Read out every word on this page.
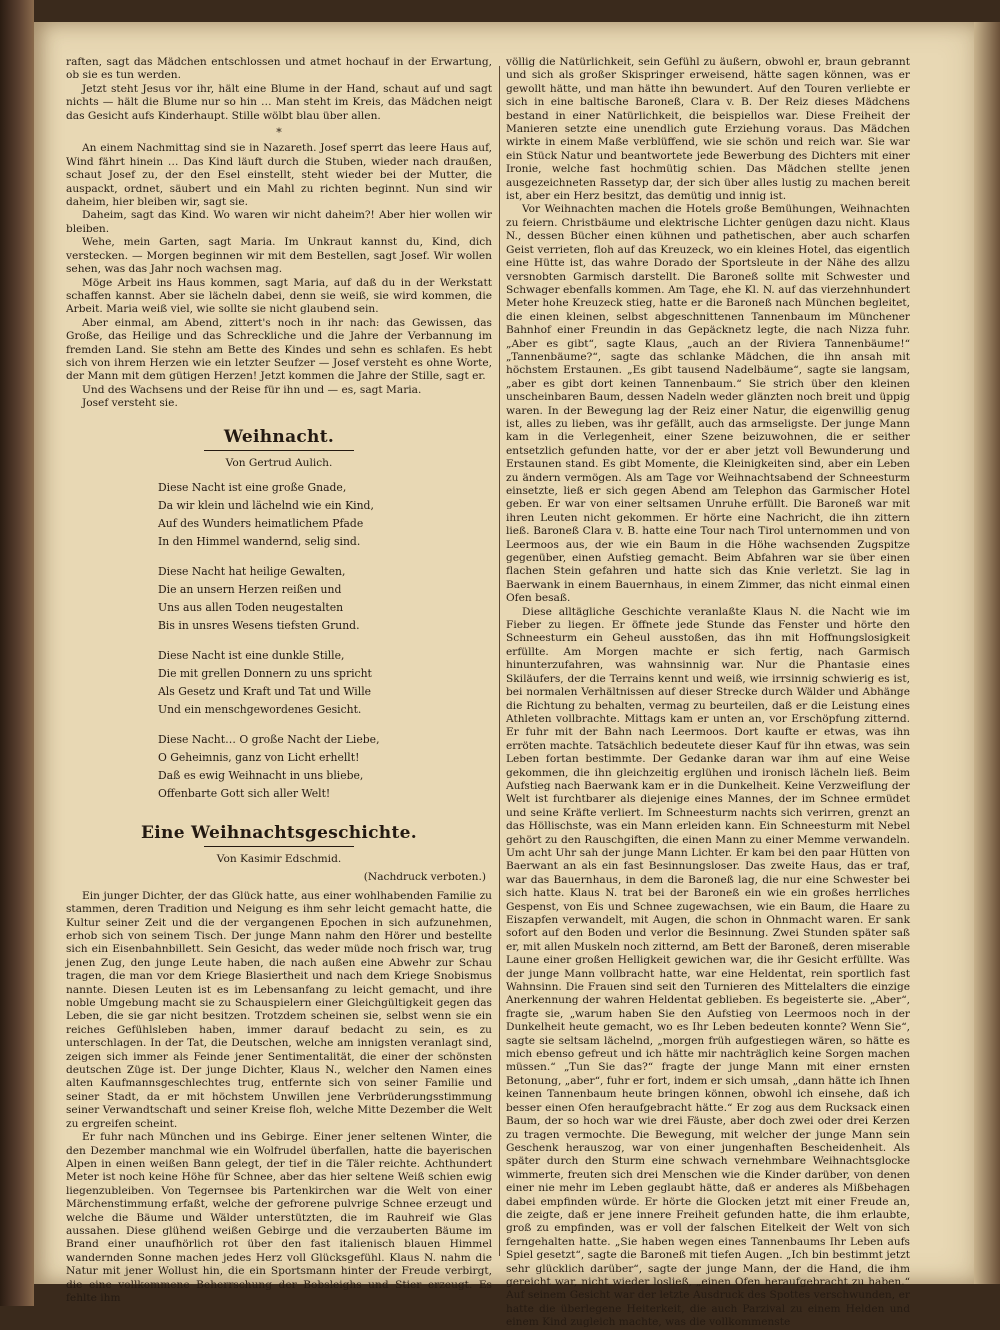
raften, sagt das Mädchen entschlossen und atmet hochauf in der Erwartung, ob sie es tun werden.

Jetzt steht Jesus vor ihr, hält eine Blume in der Hand, schaut auf und sagt nichts — hält die Blume nur so hin … Man steht im Kreis, das Mädchen neigt das Gesicht aufs Kinderhaupt. Stille wölbt blau über allen.

*

An einem Nachmittag sind sie in Nazareth. Josef sperrt das leere Haus auf, Wind fährt hinein … Das Kind läuft durch die Stuben, wieder nach draußen, schaut Josef zu, der den Esel einstellt, steht wieder bei der Mutter, die auspackt, ordnet, säubert und ein Mahl zu richten beginnt. Nun sind wir daheim, hier bleiben wir, sagt sie.

Daheim, sagt das Kind. Wo waren wir nicht daheim?! Aber hier wollen wir bleiben.

Wehe, mein Garten, sagt Maria. Im Unkraut kannst du, Kind, dich verstecken. — Morgen beginnen wir mit dem Bestellen, sagt Josef. Wir wollen sehen, was das Jahr noch wachsen mag.

Möge Arbeit ins Haus kommen, sagt Maria, auf daß du in der Werkstatt schaffen kannst. Aber sie lächeln dabei, denn sie weiß, sie wird kommen, die Arbeit. Maria weiß viel, wie sollte sie nicht glaubend sein.

Aber einmal, am Abend, zittert's noch in ihr nach: das Gewissen, das Große, das Heilige und das Schreckliche und die Jahre der Verbannung im fremden Land. Sie stehn am Bette des Kindes und sehn es schlafen. Es hebt sich von ihrem Herzen wie ein letzter Seufzer — Josef versteht es ohne Worte, der Mann mit dem gütigen Herzen! Jetzt kommen die Jahre der Stille, sagt er.

Und des Wachsens und der Reise für ihn und — es, sagt Maria.

Josef versteht sie.

Weihnacht.
Von Gertrud Aulich.
Diese Nacht ist eine große Gnade,
Da wir klein und lächelnd wie ein Kind,
Auf des Wunders heimatlichem Pfade
In den Himmel wandernd, selig sind.
Diese Nacht hat heilige Gewalten,
Die an unsern Herzen reißen und
Uns aus allen Toden neugestalten
Bis in unsres Wesens tiefsten Grund.
Diese Nacht ist eine dunkle Stille,
Die mit grellen Donnern zu uns spricht
Als Gesetz und Kraft und Tat und Wille
Und ein menschgewordenes Gesicht.
Diese Nacht… O große Nacht der Liebe,
O Geheimnis, ganz von Licht erhellt!
Daß es ewig Weihnacht in uns bliebe,
Offenbarte Gott sich aller Welt!
Eine Weihnachtsgeschichte.
Von Kasimir Edschmid.
(Nachdruck verboten.)

Ein junger Dichter, der das Glück hatte, aus einer wohlhabenden Familie zu stammen, deren Tradition und Neigung es ihm sehr leicht gemacht hatte, die Kultur seiner Zeit und die der vergangenen Epochen in sich aufzunehmen, erhob sich von seinem Tisch. Der junge Mann nahm den Hörer und bestellte sich ein Eisenbahnbillett. Sein Gesicht, das weder müde noch frisch war, trug jenen Zug, den junge Leute haben, die nach außen eine Abwehr zur Schau tragen, die man vor dem Kriege Blasiertheit und nach dem Kriege Snobismus nannte. Diesen Leuten ist es im Lebensanfang zu leicht gemacht, und ihre noble Umgebung macht sie zu Schauspielern einer Gleichgültigkeit gegen das Leben, die sie gar nicht besitzen. Trotzdem scheinen sie, selbst wenn sie ein reiches Gefühlsleben haben, immer darauf bedacht zu sein, es zu unterschlagen. In der Tat, die Deutschen, welche am innigsten veranlagt sind, zeigen sich immer als Feinde jener Sentimentalität, die einer der schönsten deutschen Züge ist. Der junge Dichter, Klaus N., welcher den Namen eines alten Kaufmannsgeschlechtes trug, entfernte sich von seiner Familie und seiner Stadt, da er mit höchstem Unwillen jene Verbrüderungsstimmung seiner Verwandtschaft und seiner Kreise floh, welche Mitte Dezember die Welt zu ergreifen scheint.

Er fuhr nach München und ins Gebirge. Einer jener seltenen Winter, die den Dezember manchmal wie ein Wolfrudel überfallen, hatte die bayerischen Alpen in einen weißen Bann gelegt, der tief in die Täler reichte. Achthundert Meter ist noch keine Höhe für Schnee, aber das hier seltene Weiß schien ewig liegenzubleiben. Von Tegernsee bis Partenkirchen war die Welt von einer Märchenstimmung erfaßt, welche der gefrorene pulvrige Schnee erzeugt und welche die Bäume und Wälder unterstützten, die im Rauhreif wie Glas aussahen. Diese glühend weißen Gebirge und die verzauberten Bäume im Brand einer unaufhörlich rot über den fast italienisch blauen Himmel wandernden Sonne machen jedes Herz voll Glücksgefühl. Klaus N. nahm die Natur mit jener Wollust hin, die ein Sportsmann hinter der Freude verbirgt, die eine vollkommene Beherrschung der Bobsleighs und Stier erzeugt. Es fehlte ihm

völlig die Natürlichkeit, sein Gefühl zu äußern, obwohl er, braun gebrannt und sich als großer Skispringer erweisend, hätte sagen können, was er gewollt hätte, und man hätte ihn bewundert. Auf den Touren verliebte er sich in eine baltische Baroneß, Clara v. B. Der Reiz dieses Mädchens bestand in einer Natürlichkeit, die beispiellos war. Diese Freiheit der Manieren setzte eine unendlich gute Erziehung voraus. Das Mädchen wirkte in einem Maße verblüffend, wie sie schön und reich war. Sie war ein Stück Natur und beantwortete jede Bewerbung des Dichters mit einer Ironie, welche fast hochmütig schien. Das Mädchen stellte jenen ausgezeichneten Rassetyp dar, der sich über alles lustig zu machen bereit ist, aber ein Herz besitzt, das demütig und innig ist.

Vor Weihnachten machen die Hotels große Bemühungen, Weihnachten zu feiern. Christbäume und elektrische Lichter genügen dazu nicht. Klaus N., dessen Bücher einen kühnen und pathetischen, aber auch scharfen Geist verrieten, floh auf das Kreuzeck, wo ein kleines Hotel, das eigentlich eine Hütte ist, das wahre Dorado der Sportsleute in der Nähe des allzu versnobten Garmisch darstellt. Die Baroneß sollte mit Schwester und Schwager ebenfalls kommen. Am Tage, ehe Kl. N. auf das vierzehnhundert Meter hohe Kreuzeck stieg, hatte er die Baroneß nach München begleitet, die einen kleinen, selbst abgeschnittenen Tannenbaum im Münchener Bahnhof einer Freundin in das Gepäcknetz legte, die nach Nizza fuhr. „Aber es gibt“, sagte Klaus, „auch an der Riviera Tannenbäume!“ „Tannenbäume?“, sagte das schlanke Mädchen, die ihn ansah mit höchstem Erstaunen. „Es gibt tausend Nadelbäume“, sagte sie langsam, „aber es gibt dort keinen Tannenbaum.“ Sie strich über den kleinen unscheinbaren Baum, dessen Nadeln weder glänzten noch breit und üppig waren. In der Bewegung lag der Reiz einer Natur, die eigenwillig genug ist, alles zu lieben, was ihr gefällt, auch das armseligste. Der junge Mann kam in die Verlegenheit, einer Szene beizuwohnen, die er seither entsetzlich gefunden hatte, vor der er aber jetzt voll Bewunderung und Erstaunen stand. Es gibt Momente, die Kleinigkeiten sind, aber ein Leben zu ändern vermögen. Als am Tage vor Weihnachtsabend der Schneesturm einsetzte, ließ er sich gegen Abend am Telephon das Garmischer Hotel geben. Er war von einer seltsamen Unruhe erfüllt. Die Baroneß war mit ihren Leuten nicht gekommen. Er hörte eine Nachricht, die ihn zittern ließ. Baroneß Clara v. B. hatte eine Tour nach Tirol unternommen und von Leermoos aus, der wie ein Baum in die Höhe wachsenden Zugspitze gegenüber, einen Aufstieg gemacht. Beim Abfahren war sie über einen flachen Stein gefahren und hatte sich das Knie verletzt. Sie lag in Baerwank in einem Bauernhaus, in einem Zimmer, das nicht einmal einen Ofen besaß.

Diese alltägliche Geschichte veranlaßte Klaus N. die Nacht wie im Fieber zu liegen. Er öffnete jede Stunde das Fenster und hörte den Schneesturm ein Geheul ausstoßen, das ihn mit Hoffnungslosigkeit erfüllte. Am Morgen machte er sich fertig, nach Garmisch hinunterzufahren, was wahnsinnig war. Nur die Phantasie eines Skiläufers, der die Terrains kennt und weiß, wie irrsinnig schwierig es ist, bei normalen Verhältnissen auf dieser Strecke durch Wälder und Abhänge die Richtung zu behalten, vermag zu beurteilen, daß er die Leistung eines Athleten vollbrachte. Mittags kam er unten an, vor Erschöpfung zitternd. Er fuhr mit der Bahn nach Leermoos. Dort kaufte er etwas, was ihn erröten machte. Tatsächlich bedeutete dieser Kauf für ihn etwas, was sein Leben fortan bestimmte. Der Gedanke daran war ihm auf eine Weise gekommen, die ihn gleichzeitig erglühen und ironisch lächeln ließ. Beim Aufstieg nach Baerwank kam er in die Dunkelheit. Keine Verzweiflung der Welt ist furchtbarer als diejenige eines Mannes, der im Schnee ermüdet und seine Kräfte verliert. Im Schneesturm nachts sich verirren, grenzt an das Höllischste, was ein Mann erleiden kann. Ein Schneesturm mit Nebel gehört zu den Rauschgiften, die einen Mann zu einer Memme verwandeln. Um acht Uhr sah der junge Mann Lichter. Er kam bei den paar Hütten von Baerwant an als ein fast Besinnungsloser. Das zweite Haus, das er traf, war das Bauernhaus, in dem die Baroneß lag, die nur eine Schwester bei sich hatte. Klaus N. trat bei der Baroneß ein wie ein großes herrliches Gespenst, von Eis und Schnee zugewachsen, wie ein Baum, die Haare zu Eiszapfen verwandelt, mit Augen, die schon in Ohnmacht waren. Er sank sofort auf den Boden und verlor die Besinnung. Zwei Stunden später saß er, mit allen Muskeln noch zitternd, am Bett der Baroneß, deren miserable Laune einer großen Helligkeit gewichen war, die ihr Gesicht erfüllte. Was der junge Mann vollbracht hatte, war eine Heldentat, rein sportlich fast Wahnsinn. Die Frauen sind seit den Turnieren des Mittelalters die einzige Anerkennung der wahren Heldentat geblieben. Es begeisterte sie. „Aber“, fragte sie, „warum haben Sie den Aufstieg von Leermoos noch in der Dunkelheit heute gemacht, wo es Ihr Leben bedeuten konnte? Wenn Sie“, sagte sie seltsam lächelnd, „morgen früh aufgestiegen wären, so hätte es mich ebenso gefreut und ich hätte mir nachträglich keine Sorgen machen müssen.“ „Tun Sie das?“ fragte der junge Mann mit einer ernsten Betonung, „aber“, fuhr er fort, indem er sich umsah, „dann hätte ich Ihnen keinen Tannenbaum heute bringen können, obwohl ich einsehe, daß ich besser einen Ofen heraufgebracht hätte.“ Er zog aus dem Rucksack einen Baum, der so hoch war wie drei Fäuste, aber doch zwei oder drei Kerzen zu tragen vermochte. Die Bewegung, mit welcher der junge Mann sein Geschenk herauszog, war von einer jungenhaften Bescheidenheit. Als später durch den Sturm eine schwach vernehmbare Weihnachtsglocke wimmerte, freuten sich drei Menschen wie die Kinder darüber, von denen einer nie mehr im Leben geglaubt hätte, daß er anderes als Mißbehagen dabei empfinden würde. Er hörte die Glocken jetzt mit einer Freude an, die zeigte, daß er jene innere Freiheit gefunden hatte, die ihm erlaubte, groß zu empfinden, was er voll der falschen Eitelkeit der Welt von sich ferngehalten hatte. „Sie haben wegen eines Tannenbaums Ihr Leben aufs Spiel gesetzt“, sagte die Baroneß mit tiefen Augen. „Ich bin bestimmt jetzt sehr glücklich darüber“, sagte der junge Mann, der die Hand, die ihm gereicht war, nicht wieder losließ, „einen Ofen heraufgebracht zu haben.“ Auf seinem Gesicht war der letzte Ausdruck des Spottes verschwunden, er hatte die überlegene Heiterkeit, die auch Parzival zu einem Helden und einem Kind zugleich machte, was die vollkommenste
